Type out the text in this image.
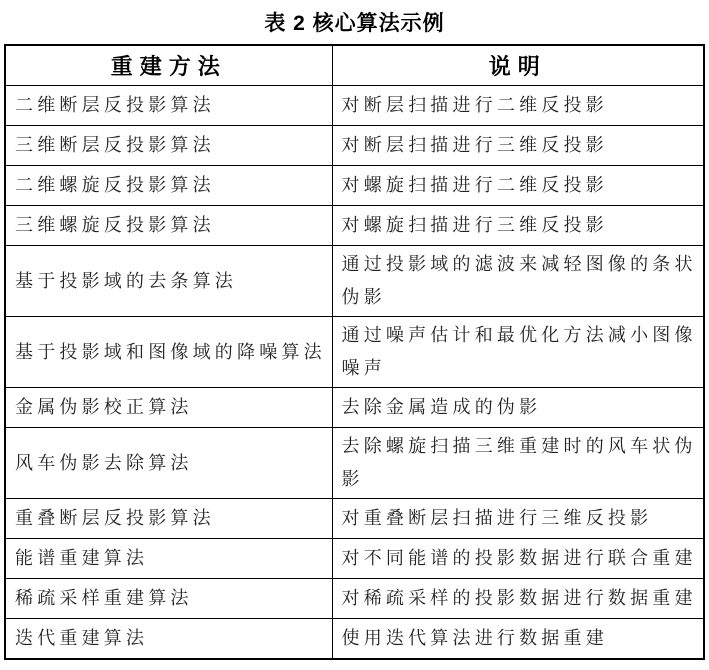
表 2 核心算法示例
重建方法	说明
二维断层反投影算法	对断层扫描进行二维反投影
三维断层反投影算法	对断层扫描进行三维反投影
二维螺旋反投影算法	对螺旋扫描进行二维反投影
三维螺旋反投影算法	对螺旋扫描进行三维反投影
基于投影域的去条算法	通过投影域的滤波来减轻图像的条状伪影
基于投影域和图像域的降噪算法	通过噪声估计和最优化方法减小图像噪声
金属伪影校正算法	去除金属造成的伪影
风车伪影去除算法	去除螺旋扫描三维重建时的风车状伪影
重叠断层反投影算法	对重叠断层扫描进行三维反投影
能谱重建算法	对不同能谱的投影数据进行联合重建
稀疏采样重建算法	对稀疏采样的投影数据进行数据重建
迭代重建算法	使用迭代算法进行数据重建
